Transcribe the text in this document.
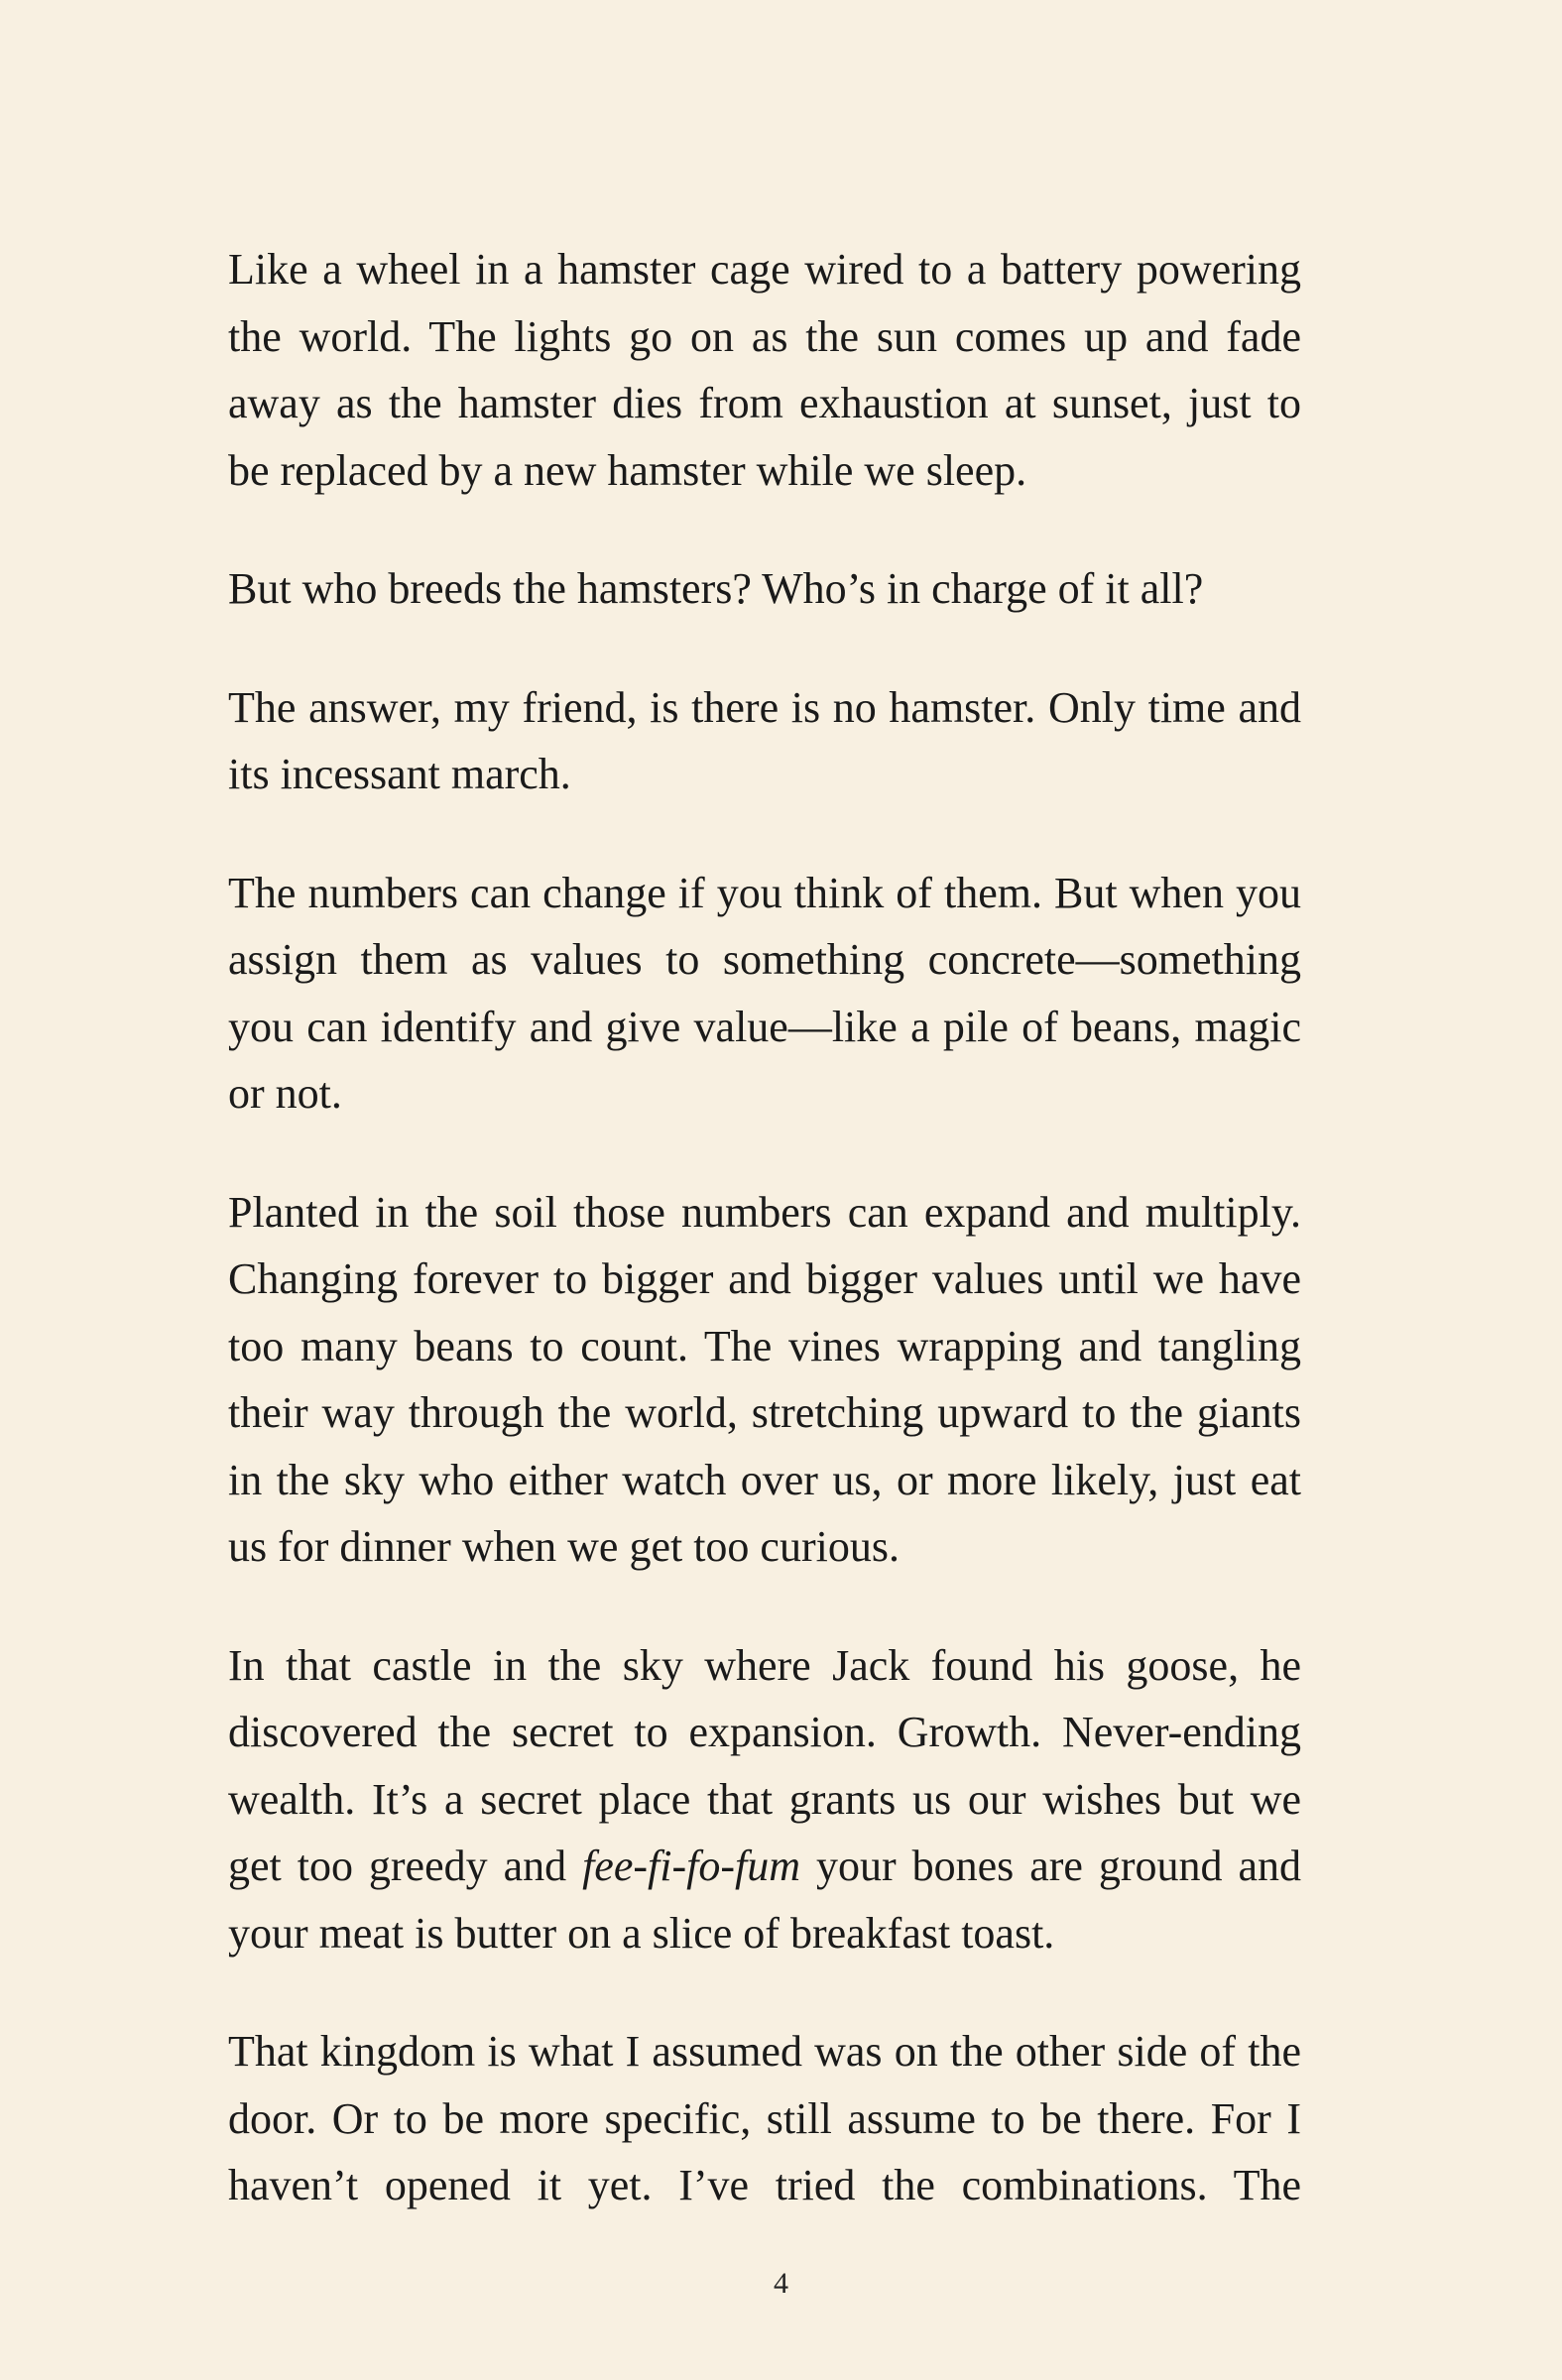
Like a wheel in a hamster cage wired to a battery powering the world. The lights go on as the sun comes up and fade away as the hamster dies from exhaustion at sunset, just to be replaced by a new hamster while we sleep.

But who breeds the hamsters? Who’s in charge of it all?

The answer, my friend, is there is no hamster. Only time and its incessant march.

The numbers can change if you think of them. But when you assign them as values to something concrete—something you can identify and give value—like a pile of beans, magic or not.

Planted in the soil those numbers can expand and multiply. Changing forever to bigger and bigger values until we have too many beans to count. The vines wrapping and tangling their way through the world, stretching upward to the giants in the sky who either watch over us, or more likely, just eat us for dinner when we get too curious.

In that castle in the sky where Jack found his goose, he discovered the secret to expansion. Growth. Never-ending wealth. It’s a secret place that grants us our wishes but we get too greedy and fee-fi-fo-fum your bones are ground and your meat is butter on a slice of breakfast toast.

That kingdom is what I assumed was on the other side of the door. Or to be more specific, still assume to be there. For I haven’t opened it yet. I’ve tried the combinations. The

4
